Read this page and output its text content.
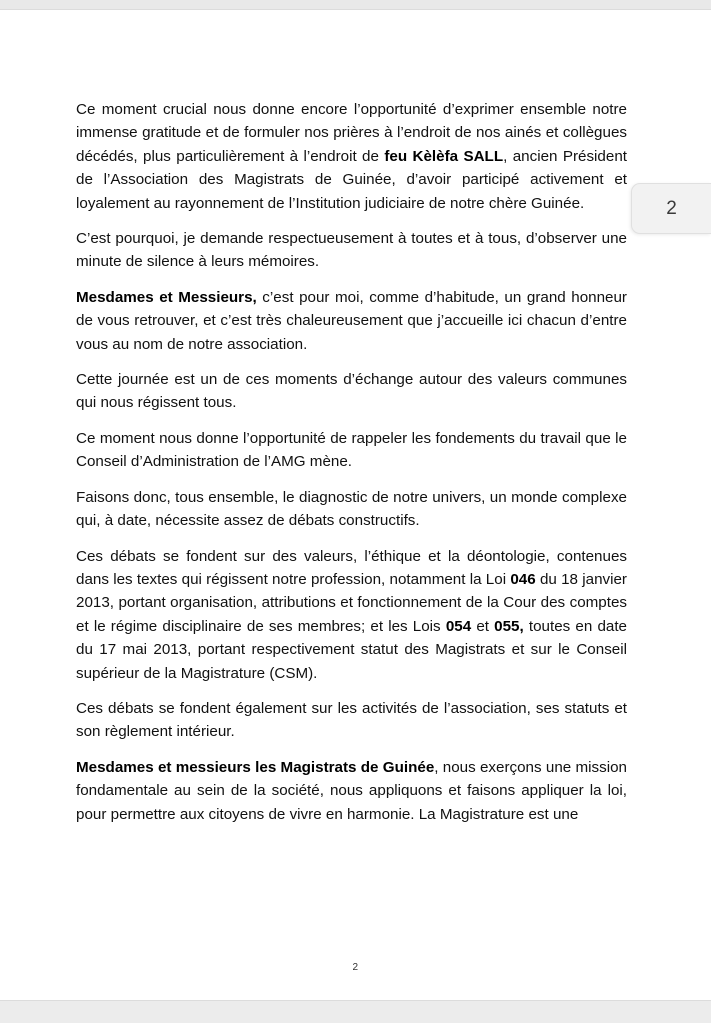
Ce moment crucial nous donne encore l’opportunité d’exprimer ensemble notre immense gratitude et de formuler nos prières à l’endroit de nos ainés et collègues décédés, plus particulièrement à l’endroit de feu Kèlèfa SALL, ancien Président de l’Association des Magistrats de Guinée, d’avoir participé activement et loyalement au rayonnement de l’Institution judiciaire de notre chère Guinée.

C’est pourquoi, je demande respectueusement à toutes et à tous, d’observer une minute de silence à leurs mémoires.

Mesdames et Messieurs, c’est pour moi, comme d’habitude, un grand honneur de vous retrouver, et c’est très chaleureusement que j’accueille ici chacun d’entre vous au nom de notre association.

Cette journée est un de ces moments d’échange autour des valeurs communes qui nous régissent tous.

Ce moment nous donne l’opportunité de rappeler les fondements du travail que le Conseil d’Administration de l’AMG mène.

Faisons donc, tous ensemble, le diagnostic de notre univers, un monde complexe qui, à date, nécessite assez de débats constructifs.

Ces débats se fondent sur des valeurs, l’éthique et la déontologie, contenues dans les textes qui régissent notre profession, notamment la Loi 046 du 18 janvier 2013, portant organisation, attributions et fonctionnement de la Cour des comptes et le régime disciplinaire de ses membres; et les Lois 054 et 055, toutes en date du 17 mai 2013, portant respectivement statut des Magistrats et sur le Conseil supérieur de la Magistrature (CSM).

Ces débats se fondent également sur les activités de l’association, ses statuts et son règlement intérieur.

Mesdames et messieurs les Magistrats de Guinée, nous exerçons une mission fondamentale au sein de la société, nous appliquons et faisons appliquer la loi, pour permettre aux citoyens de vivre en harmonie. La Magistrature est une

2
2
